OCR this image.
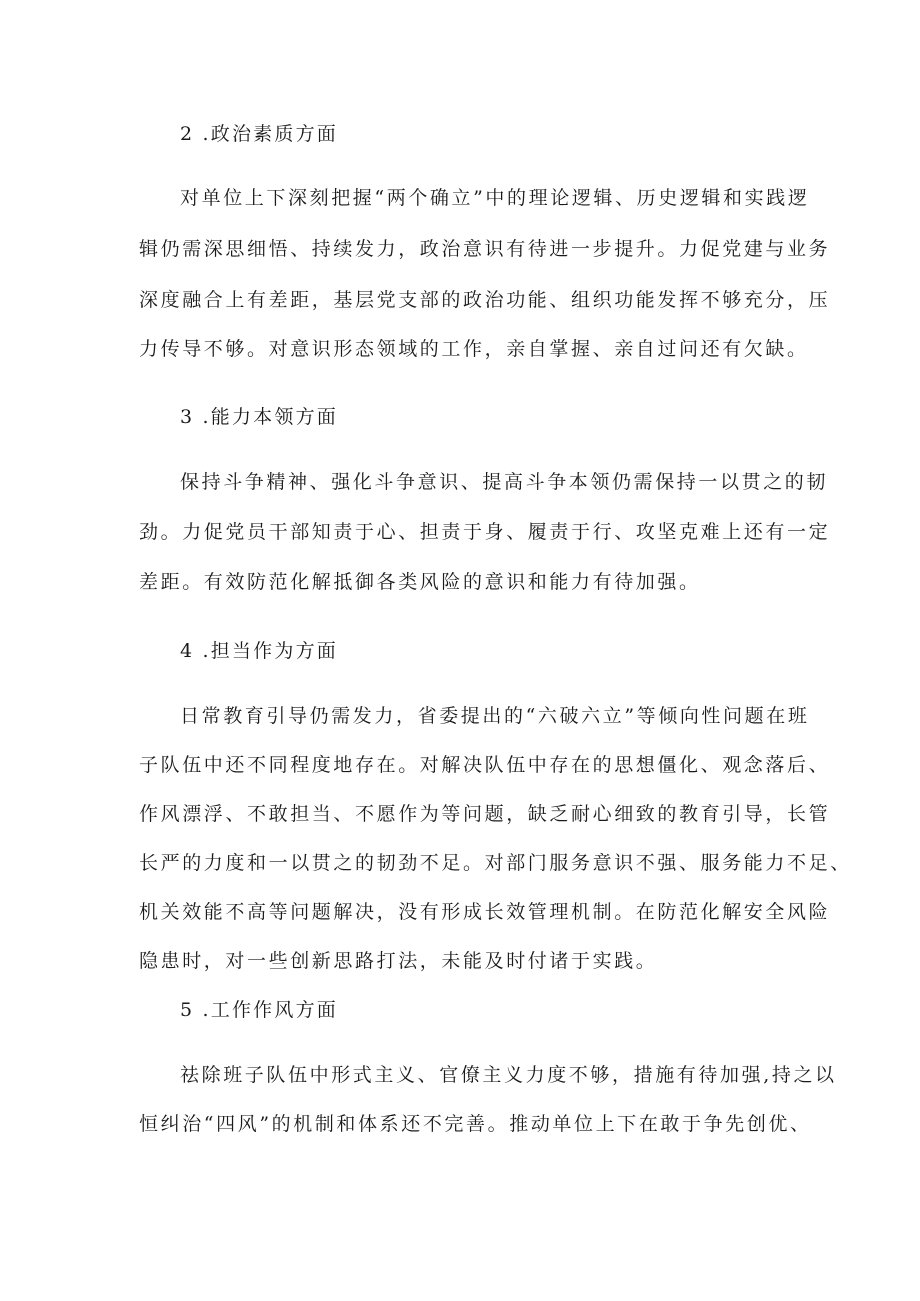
2 .政治素质方面
对单位上下深刻把握“两个确立”中的理论逻辑、历史逻辑和实践逻
辑仍需深思细悟、持续发力，政治意识有待进一步提升。力促党建与业务
深度融合上有差距，基层党支部的政治功能、组织功能发挥不够充分，压
力传导不够。对意识形态领域的工作，亲自掌握、亲自过问还有欠缺。
3 .能力本领方面
保持斗争精神、强化斗争意识、提高斗争本领仍需保持一以贯之的韧
劲。力促党员干部知责于心、担责于身、履责于行、攻坚克难上还有一定
差距。有效防范化解抵御各类风险的意识和能力有待加强。
4 .担当作为方面
日常教育引导仍需发力，省委提出的“六破六立”等倾向性问题在班
子队伍中还不同程度地存在。对解决队伍中存在的思想僵化、观念落后、
作风漂浮、不敢担当、不愿作为等问题，缺乏耐心细致的教育引导，长管
长严的力度和一以贯之的韧劲不足。对部门服务意识不强、服务能力不足、
机关效能不高等问题解决，没有形成长效管理机制。在防范化解安全风险
隐患时，对一些创新思路打法，未能及时付诸于实践。
5 .工作作风方面
祛除班子队伍中形式主义、官僚主义力度不够，措施有待加强,持之以
恒纠治“四风”的机制和体系还不完善。推动单位上下在敢于争先创优、
